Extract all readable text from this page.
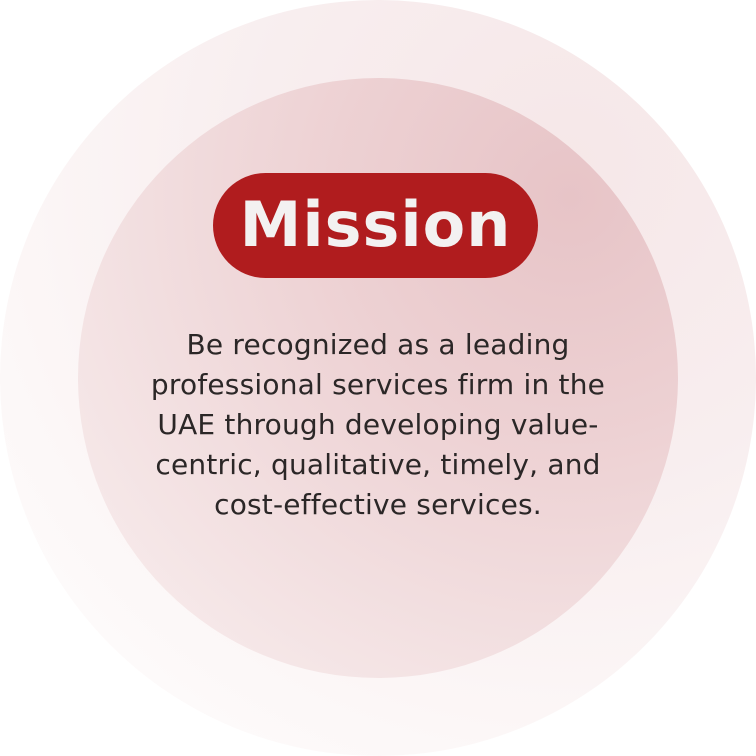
Mission

Be recognized as a leading
professional services firm in the
UAE through developing value-
centric, qualitative, timely, and
cost-effective services.
